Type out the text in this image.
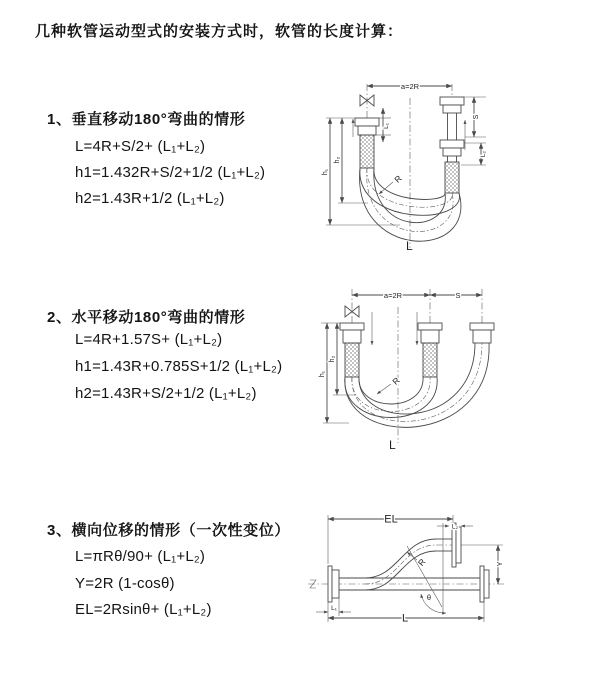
几种软管运动型式的安装方式时，软管的长度计算：
1、垂直移动180°弯曲的情形
L=4R+S/2+ (L₁+L₂)
h1=1.432R+S/2+1/2 (L₁+L₂)
h2=1.43R+1/2 (L₁+L₂)
2、水平移动180°弯曲的情形
L=4R+1.57S+ (L₁+L₂)
h1=1.43R+0.785S+1/2 (L₁+L₂)
h2=1.43R+S/2+1/2 (L₁+L₂)
3、横向位移的情形（一次性变位）
L=πRθ/90+ (L₁+L₂)
Y=2R (1-cosθ)
EL=2Rsinθ+ (L₁+L₂)
a=2R
h₂
h₁
L₁
S
L₂
R
L
a=2R	S
h₂
h₁
R
L
EL
L₂
Y
θ
R
L₁
L
